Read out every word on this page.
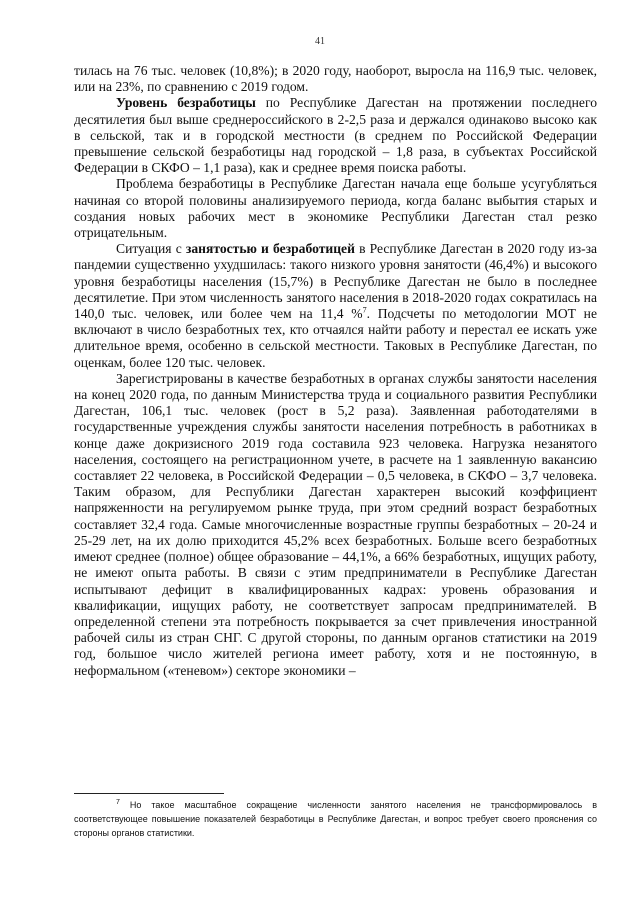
41

тилась на 76 тыс. человек (10,8%); в 2020 году, наоборот, выросла на 116,9 тыс. человек, или на 23%, по сравнению с 2019 годом.

Уровень безработицы по Республике Дагестан на протяжении последнего десятилетия был выше среднероссийского в 2-2,5 раза и держался одинаково высоко как в сельской, так и в городской местности (в среднем по Российской Федерации превышение сельской безработицы над городской – 1,8 раза, в субъектах Российской Федерации в СКФО – 1,1 раза), как и среднее время поиска работы.

Проблема безработицы в Республике Дагестан начала еще больше усугубляться начиная со второй половины анализируемого периода, когда баланс выбытия старых и создания новых рабочих мест в экономике Республики Дагестан стал резко отрицательным.

Ситуация с занятостью и безработицей в Республике Дагестан в 2020 году из-за пандемии существенно ухудшилась: такого низкого уровня занятости (46,4%) и высокого уровня безработицы населения (15,7%) в Республике Дагестан не было в последнее десятилетие. При этом численность занятого населения в 2018-2020 годах сократилась на 140,0 тыс. человек, или более чем на 11,4 %$^7$. Подсчеты по методологии МОТ не включают в число безработных тех, кто отчаялся найти работу и перестал ее искать уже длительное время, особенно в сельской местности. Таковых в Республике Дагестан, по оценкам, более 120 тыс. человек.

Зарегистрированы в качестве безработных в органах службы занятости населения на конец 2020 года, по данным Министерства труда и социального развития Республики Дагестан, 106,1 тыс. человек (рост в 5,2 раза). Заявленная работодателями в государственные учреждения службы занятости населения потребность в работниках в конце даже докризисного 2019 года составила 923 человека. Нагрузка незанятого населения, состоящего на регистрационном учете, в расчете на 1 заявленную вакансию составляет 22 человека, в Российской Федерации – 0,5 человека, в СКФО – 3,7 человека. Таким образом, для Республики Дагестан характерен высокий коэффициент напряженности на регулируемом рынке труда, при этом средний возраст безработных составляет 32,4 года. Самые многочисленные возрастные группы безработных – 20-24 и 25-29 лет, на их долю приходится 45,2% всех безработных. Больше всего безработных имеют среднее (полное) общее образование – 44,1%, а 66% безработных, ищущих работу, не имеют опыта работы. В связи с этим предприниматели в Республике Дагестан испытывают дефицит в квалифицированных кадрах: уровень образования и квалификации, ищущих работу, не соответствует запросам предпринимателей. В определенной степени эта потребность покрывается за счет привлечения иностранной рабочей силы из стран СНГ. С другой стороны, по данным органов статистики на 2019 год, большое число жителей региона имеет работу, хотя и не постоянную, в неформальном («теневом») секторе экономики –

$^7$ Но такое масштабное сокращение численности занятого населения не трансформировалось в соответствующее повышение показателей безработицы в Республике Дагестан, и вопрос требует своего прояснения со стороны органов статистики.
